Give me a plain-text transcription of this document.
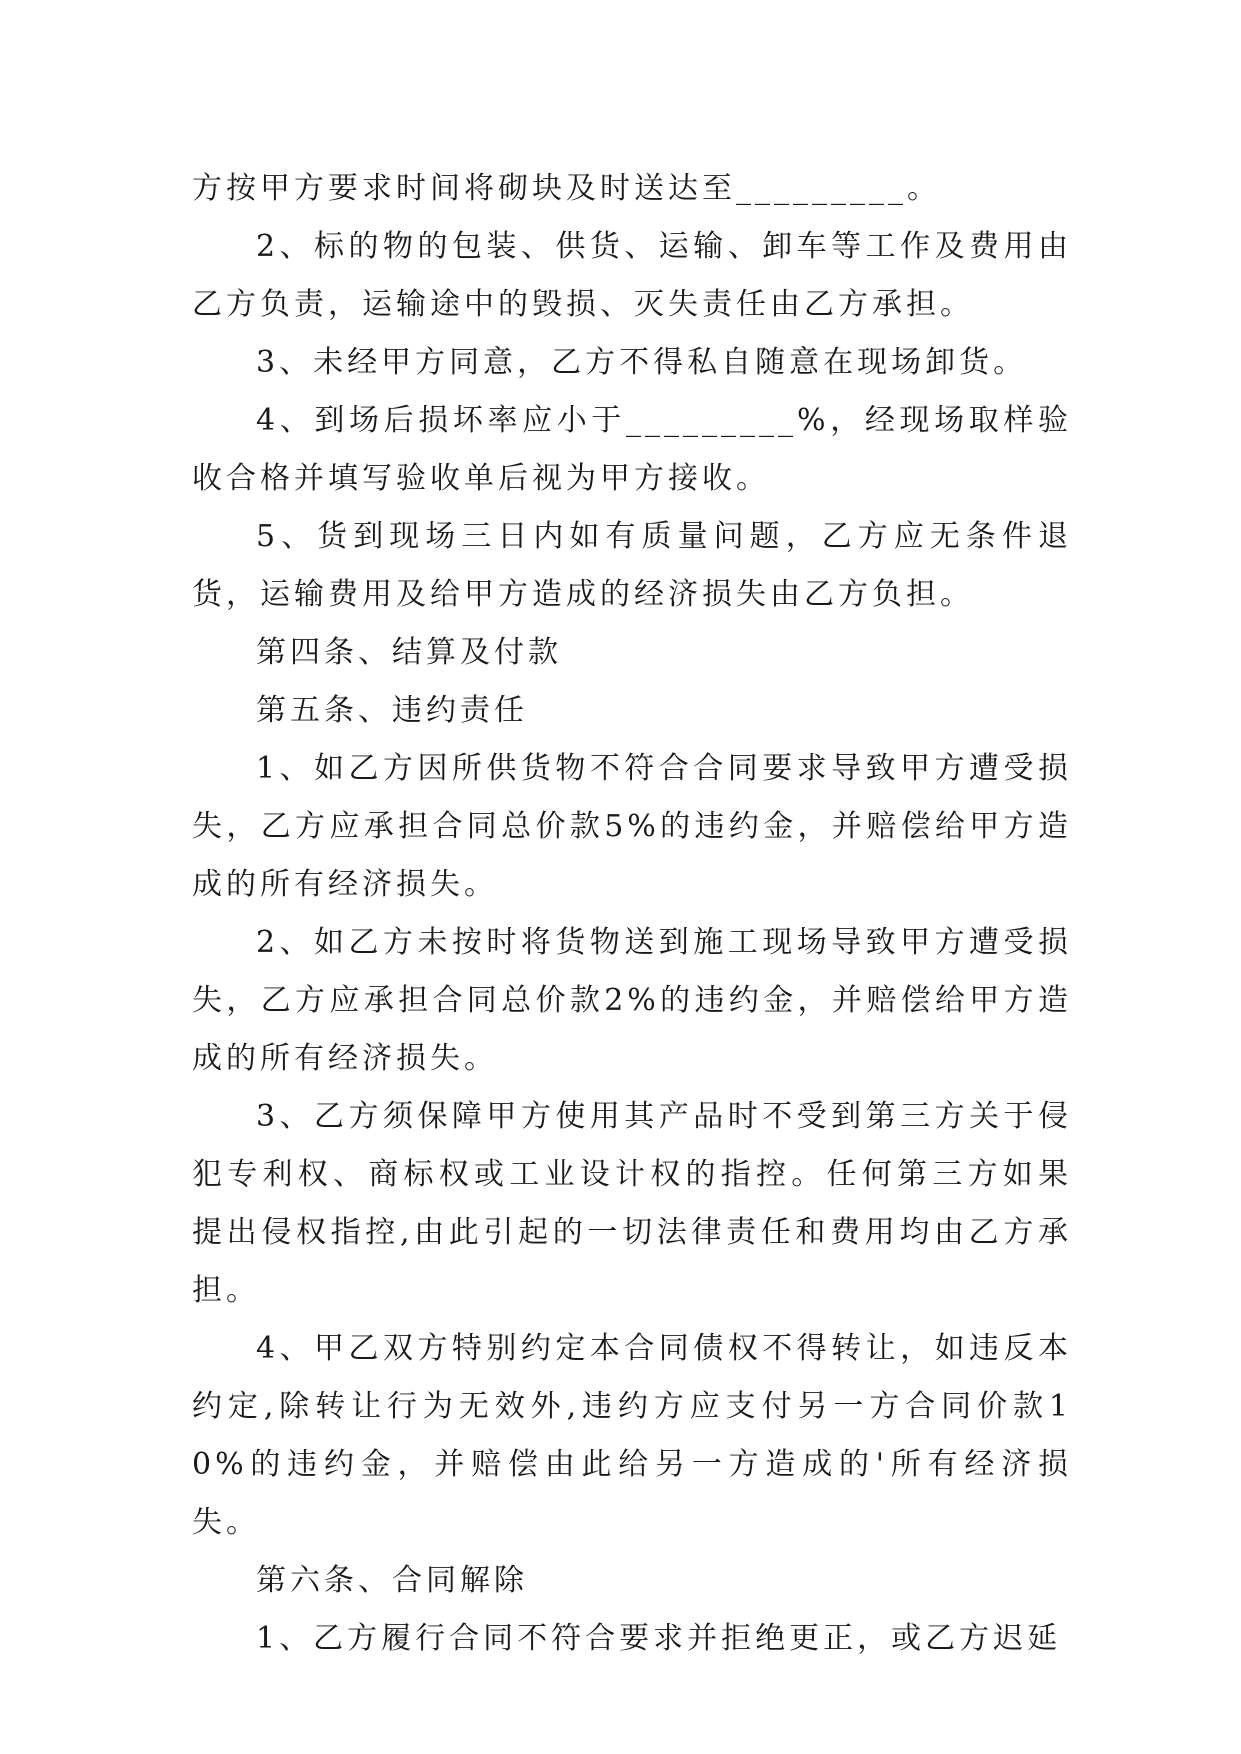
方按甲方要求时间将砌块及时送达至_________。

2、标的物的包装、供货、运输、卸车等工作及费用由乙方负责，运输途中的毁损、灭失责任由乙方承担。

3、未经甲方同意，乙方不得私自随意在现场卸货。

4、到场后损坏率应小于_________%，经现场取样验收合格并填写验收单后视为甲方接收。

5、货到现场三日内如有质量问题，乙方应无条件退货，运输费用及给甲方造成的经济损失由乙方负担。

第四条、结算及付款

第五条、违约责任

1、如乙方因所供货物不符合合同要求导致甲方遭受损失，乙方应承担合同总价款5%的违约金，并赔偿给甲方造成的所有经济损失。

2、如乙方未按时将货物送到施工现场导致甲方遭受损失，乙方应承担合同总价款2%的违约金，并赔偿给甲方造成的所有经济损失。

3、乙方须保障甲方使用其产品时不受到第三方关于侵犯专利权、商标权或工业设计权的指控。任何第三方如果提出侵权指控,由此引起的一切法律责任和费用均由乙方承担。

4、甲乙双方特别约定本合同债权不得转让，如违反本约定,除转让行为无效外,违约方应支付另一方合同价款10%的违约金，并赔偿由此给另一方造成的'所有经济损失。

第六条、合同解除

1、乙方履行合同不符合要求并拒绝更正，或乙方迟延
